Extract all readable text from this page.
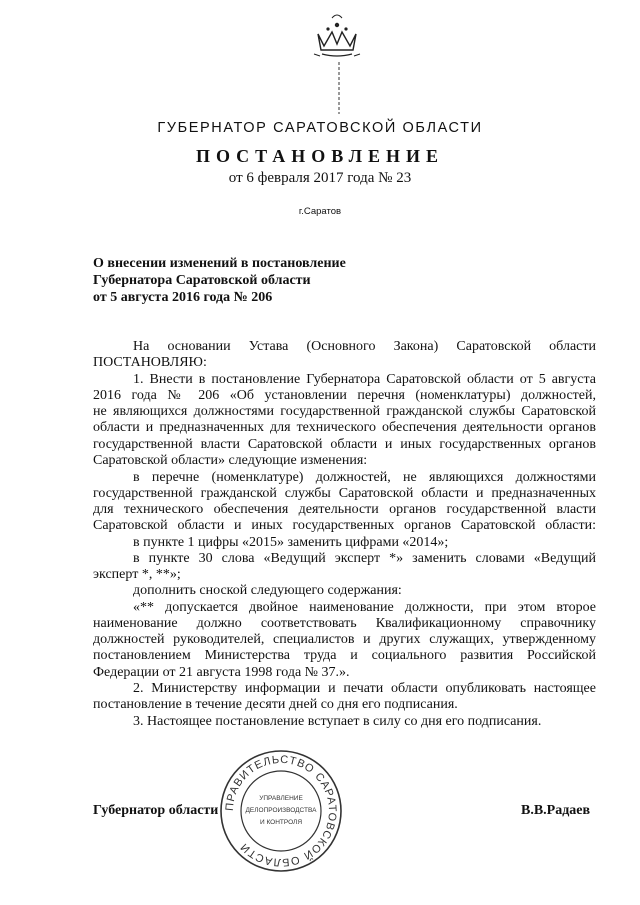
ГУБЕРНАТОР САРАТОВСКОЙ ОБЛАСТИ
ПОСТАНОВЛЕНИЕ
от 6 февраля 2017 года № 23
г.Саратов
О внесении изменений в постановление
Губернатора Саратовской области
от 5 августа 2016 года № 206
На основании Устава (Основного Закона) Саратовской области
ПОСТАНОВЛЯЮ:
1. Внести в постановление Губернатора Саратовской области от 5 августа
2016 года № 206 «Об установлении перечня (номенклатуры) должностей,
не являющихся должностями государственной гражданской службы Саратовской
области и предназначенных для технического обеспечения деятельности органов
государственной власти Саратовской области и иных государственных органов
Саратовской области» следующие изменения:
в перечне (номенклатуре) должностей, не являющихся должностями
государственной гражданской службы Саратовской области и предназначенных
для технического обеспечения деятельности органов государственной власти
Саратовской области и иных государственных органов Саратовской области:
в пункте 1 цифры «2015» заменить цифрами «2014»;
в пункте 30 слова «Ведущий эксперт *» заменить словами «Ведущий
эксперт *, **»;
дополнить сноской следующего содержания:
«** допускается двойное наименование должности, при этом второе
наименование должно соответствовать Квалификационному справочнику
должностей руководителей, специалистов и других служащих, утвержденному
постановлением Министерства труда и социального развития Российской
Федерации от 21 августа 1998 года № 37.».
2. Министерству информации и печати области опубликовать настоящее
постановление в течение десяти дней со дня его подписания.
3. Настоящее постановление вступает в силу со дня его подписания.
Губернатор области	В.В.Радаев
ПРАВИТЕЛЬСТВО САРАТОВСКОЙ ОБЛАСТИ
УПРАВЛЕНИЕ
ДЕЛОПРОИЗВОДСТВА
И КОНТРОЛЯ
